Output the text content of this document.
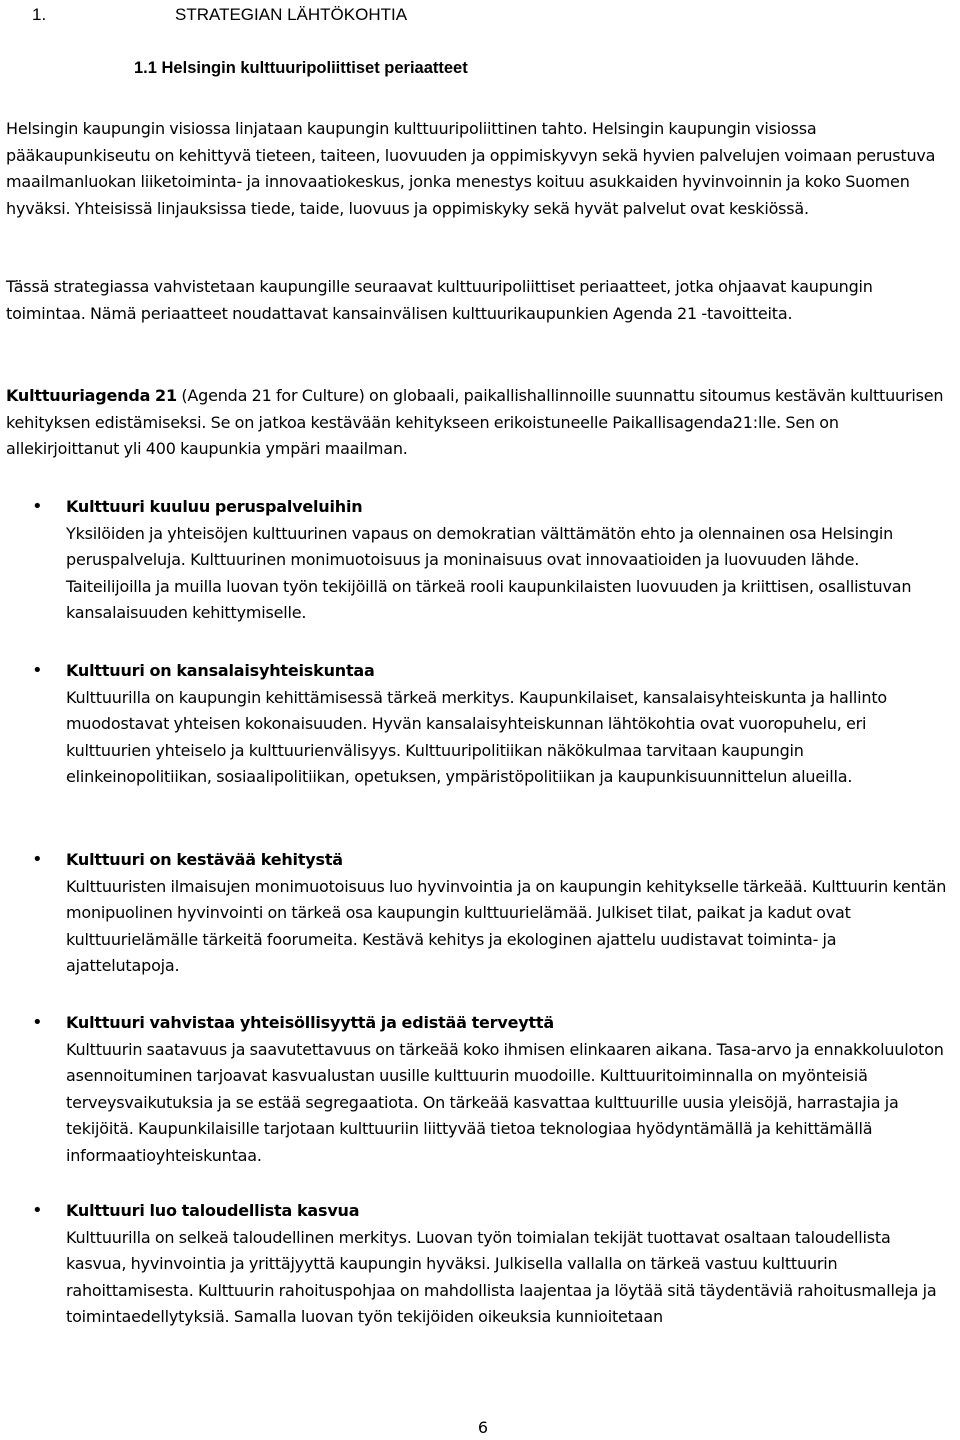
1.	STRATEGIAN LÄHTÖKOHTIA
1.1 Helsingin kulttuuripoliittiset periaatteet
Helsingin kaupungin visiossa linjataan kaupungin kulttuuripoliittinen tahto. Helsingin kaupungin visiossa pääkaupunkiseutu on kehittyvä tieteen, taiteen, luovuuden ja oppimiskyvyn sekä hyvien palvelujen voimaan perustuva maailmanluokan liiketoiminta- ja innovaatiokeskus, jonka menestys koituu asukkaiden hyvinvoinnin ja koko Suomen hyväksi. Yhteisissä linjauksissa tiede, taide, luovuus ja oppimiskyky sekä hyvät palvelut ovat keskiössä.
Tässä strategiassa vahvistetaan kaupungille seuraavat kulttuuripoliittiset periaatteet, jotka ohjaavat kaupungin toimintaa. Nämä periaatteet noudattavat kansainvälisen kulttuurikaupunkien Agenda 21 -tavoitteita.
Kulttuuriagenda 21 (Agenda 21 for Culture) on globaali, paikallishallinnoille suunnattu sitoumus kestävän kulttuurisen kehityksen edistämiseksi. Se on jatkoa kestävään kehitykseen erikoistuneelle Paikallisagenda21:lle. Sen on allekirjoittanut yli 400 kaupunkia ympäri maailman.
• Kulttuuri kuuluu peruspalveluihin
Yksilöiden ja yhteisöjen kulttuurinen vapaus on demokratian välttämätön ehto ja olennainen osa Helsingin peruspalveluja. Kulttuurinen monimuotoisuus ja moninaisuus ovat innovaatioiden ja luovuuden lähde. Taiteilijoilla ja muilla luovan työn tekijöillä on tärkeä rooli kaupunkilaisten luovuuden ja kriittisen, osallistuvan kansalaisuuden kehittymiselle.
• Kulttuuri on kansalaisyhteiskuntaa
Kulttuurilla on kaupungin kehittämisessä tärkeä merkitys. Kaupunkilaiset, kansalaisyhteiskunta ja hallinto muodostavat yhteisen kokonaisuuden. Hyvän kansalaisyhteiskunnan lähtökohtia ovat vuoropuhelu, eri kulttuurien yhteiselo ja kulttuurienvälisyys. Kulttuuripolitiikan näkökulmaa tarvitaan kaupungin elinkeinopolitiikan, sosiaalipolitiikan, opetuksen, ympäristöpolitiikan ja kaupunkisuunnittelun alueilla.
• Kulttuuri on kestävää kehitystä
Kulttuuristen ilmaisujen monimuotoisuus luo hyvinvointia ja on kaupungin kehitykselle tärkeää. Kulttuurin kentän monipuolinen hyvinvointi on tärkeä osa kaupungin kulttuurielämää. Julkiset tilat, paikat ja kadut ovat kulttuurielämälle tärkeitä foorumeita. Kestävä kehitys ja ekologinen ajattelu uudistavat toiminta- ja ajattelutapoja.
• Kulttuuri vahvistaa yhteisöllisyyttä ja edistää terveyttä
Kulttuurin saatavuus ja saavutettavuus on tärkeää koko ihmisen elinkaaren aikana. Tasa-arvo ja ennakkoluuloton asennoituminen tarjoavat kasvualustan uusille kulttuurin muodoille. Kulttuuritoiminnalla on myönteisiä terveysvaikutuksia ja se estää segregaatiota. On tärkeää kasvattaa kulttuurille uusia yleisöjä, harrastajia ja tekijöitä. Kaupunkilaisille tarjotaan kulttuuriin liittyvää tietoa teknologiaa hyödyntämällä ja kehittämällä informaatioyhteiskuntaa.
• Kulttuuri luo taloudellista kasvua
Kulttuurilla on selkeä taloudellinen merkitys. Luovan työn toimialan tekijät tuottavat osaltaan taloudellista kasvua, hyvinvointia ja yrittäjyyttä kaupungin hyväksi. Julkisella vallalla on tärkeä vastuu kulttuurin rahoittamisesta. Kulttuurin rahoituspohjaa on mahdollista laajentaa ja löytää sitä täydentäviä rahoitusmalleja ja toimintaedellytyksiä. Samalla luovan työn tekijöiden oikeuksia kunnioitetaan
6
